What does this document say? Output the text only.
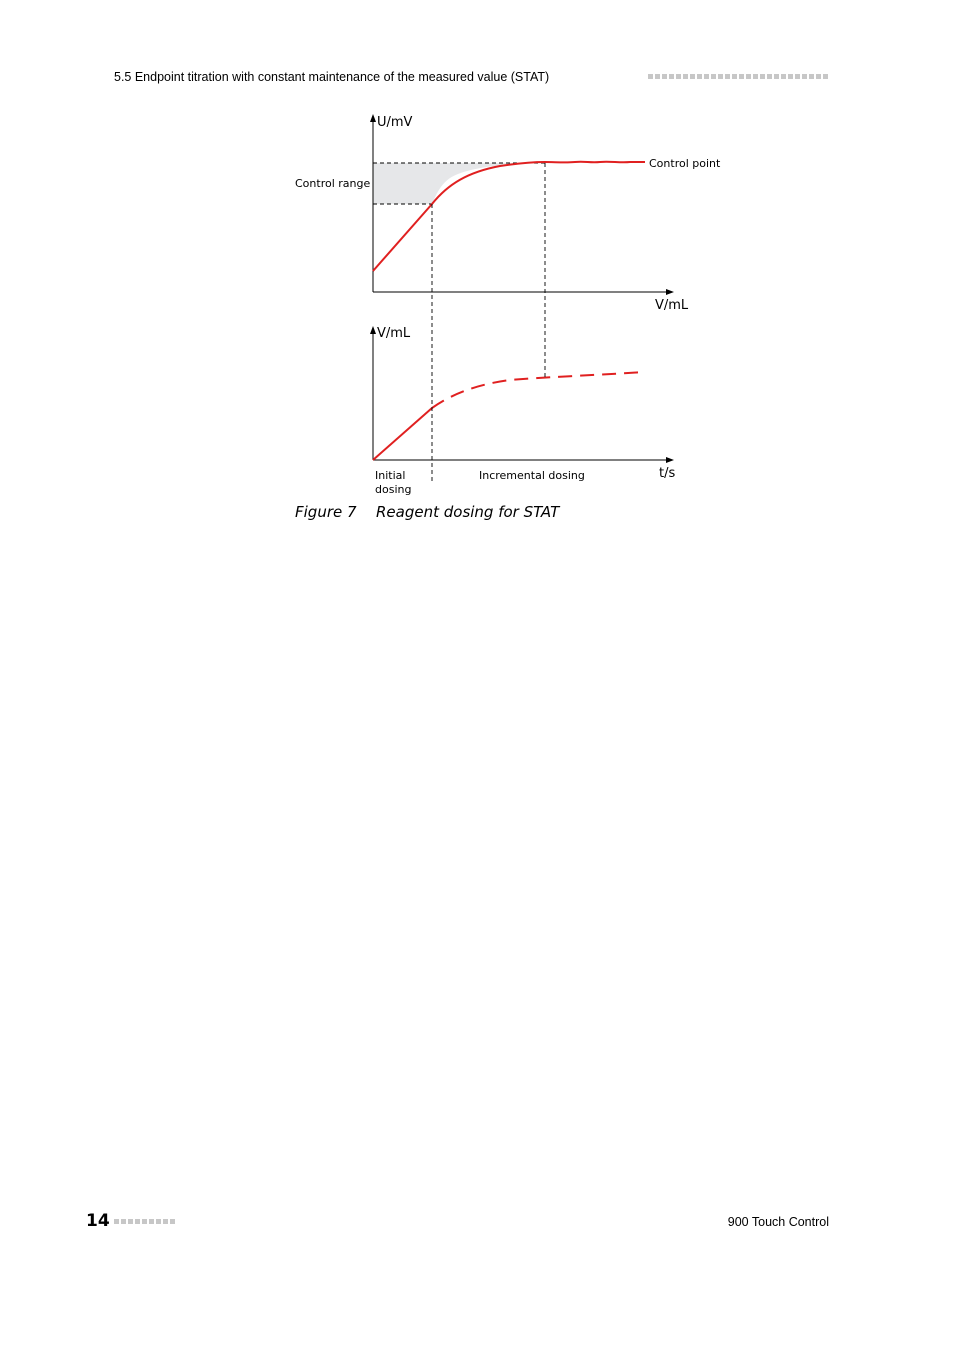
5.5 Endpoint titration with constant maintenance of the measured value (STAT)
U/mV
V/mL
Control range
Control point
V/mL
t/s
Initial
dosing
Incremental dosing
Figure 7 Reagent dosing for STAT
14	900 Touch Control
